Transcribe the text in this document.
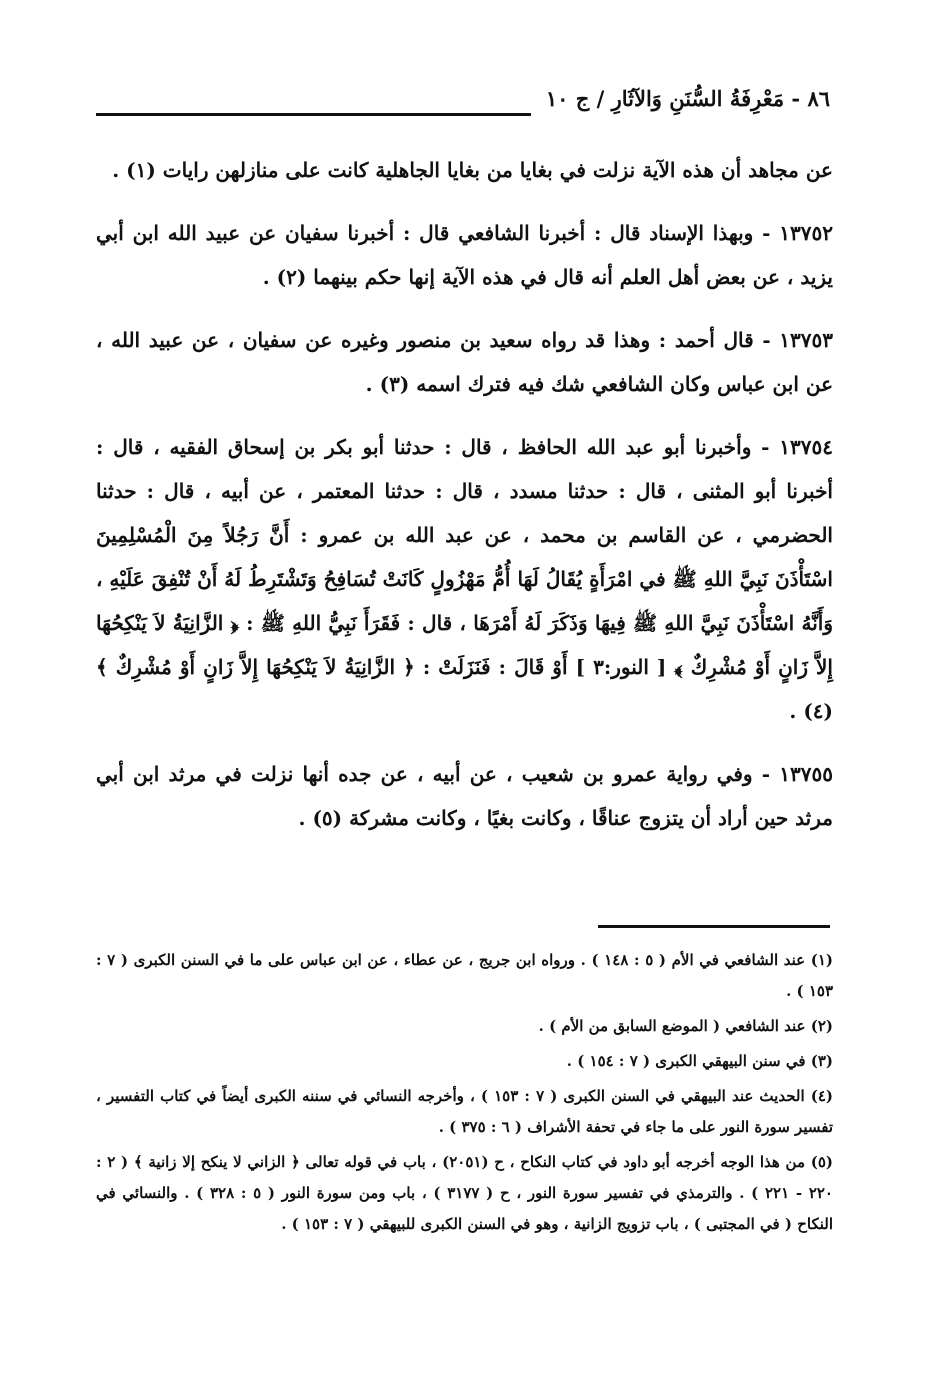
٨٦ - مَعْرِفَةُ السُّنَنِ وَالآثَارِ / ج ١٠

عن مجاهد أن هذه الآية نزلت في بغايا من بغايا الجاهلية كانت على منازلهن رايات (١) .

١٣٧٥٢ - وبهذا الإسناد قال : أخبرنا الشافعي قال : أخبرنا سفيان عن عبيد الله ابن أبي يزيد ، عن بعض أهل العلم أنه قال في هذه الآية إنها حكم بينهما (٢) .

١٣٧٥٣ - قال أحمد : وهذا قد رواه سعيد بن منصور وغيره عن سفيان ، عن عبيد الله ، عن ابن عباس وكان الشافعي شك فيه فترك اسمه (٣) .

١٣٧٥٤ - وأخبرنا أبو عبد الله الحافظ ، قال : حدثنا أبو بكر بن إسحاق الفقيه ، قال : أخبرنا أبو المثنى ، قال : حدثنا مسدد ، قال : حدثنا المعتمر ، عن أبيه ، قال : حدثنا الحضرمي ، عن القاسم بن محمد ، عن عبد الله بن عمرو : أَنَّ رَجُلاً مِنَ الْمُسْلِمِينَ اسْتَأْذَنَ نَبِيَّ اللهِ ﷺ في امْرَأَةٍ يُقَالُ لَهَا أُمُّ مَهْزُولٍ كَانَتْ تُسَافِحُ وَتَشْتَرِطُ لَهُ أَنْ تُنْفِقَ عَلَيْهِ ، وَأَنَّهُ اسْتَأْذَنَ نَبِيَّ اللهِ ﷺ فِيهَا وَذَكَرَ لَهُ أَمْرَهَا ، قال : فَقَرَأَ نَبِيُّ اللهِ ﷺ : ﴿ الزَّانِيَةُ لاَ يَنْكِحُهَا إِلاَّ زَانٍ أَوْ مُشْرِكٌ ﴾ [ النور:٣ ] أَوْ قَالَ : فَنَزَلَتْ : ﴿ الزَّانِيَةُ لاَ يَنْكِحُهَا إِلاَّ زَانٍ أَوْ مُشْرِكٌ ﴾ (٤) .

١٣٧٥٥ - وفي رواية عمرو بن شعيب ، عن أبيه ، عن جده أنها نزلت في مرثد ابن أبي مرثد حين أراد أن يتزوج عناقًا ، وكانت بغيًا ، وكانت مشركة (٥) .

(١) عند الشافعي في الأم ( ٥ : ١٤٨ ) . ورواه ابن جريج ، عن عطاء ، عن ابن عباس على ما في السنن الكبرى ( ٧ : ١٥٣ ) .

(٢) عند الشافعي ( الموضع السابق من الأم ) .

(٣) في سنن البيهقي الكبرى ( ٧ : ١٥٤ ) .

(٤) الحديث عند البيهقي في السنن الكبرى ( ٧ : ١٥٣ ) ، وأخرجه النسائي في سننه الكبرى أيضاً في كتاب التفسير ، تفسير سورة النور على ما جاء في تحفة الأشراف ( ٦ : ٣٧٥ ) .

(٥) من هذا الوجه أخرجه أبو داود في كتاب النكاح ، ح (٢٠٥١) ، باب في قوله تعالى ﴿ الزاني لا ينكح إلا زانية ﴾ ( ٢ : ٢٢٠ - ٢٢١ ) . والترمذي في تفسير سورة النور ، ح ( ٣١٧٧ ) ، باب ومن سورة النور ( ٥ : ٣٢٨ ) . والنسائي في النكاح ( في المجتبى ) ، باب تزويج الزانية ، وهو في السنن الكبرى للبيهقي ( ٧ : ١٥٣ ) .
